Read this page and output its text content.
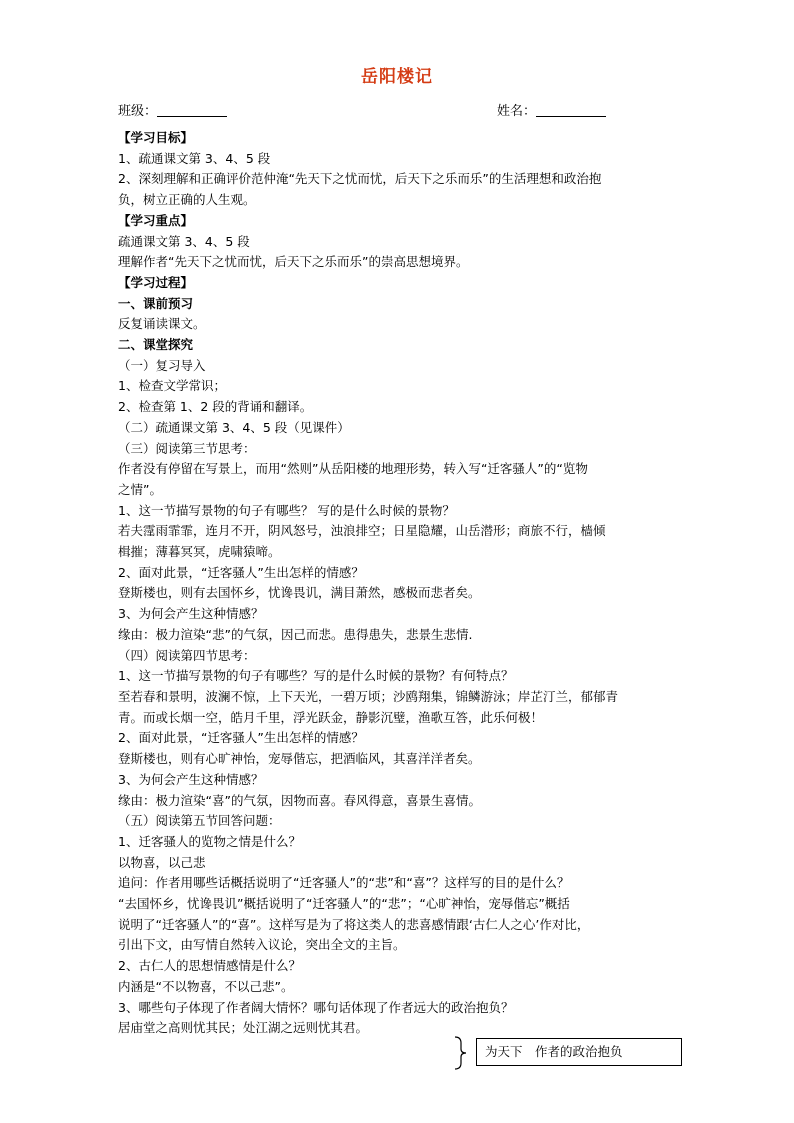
岳阳楼记
班级：	姓名：

【学习目标】

1、疏通课文第 3、4、5 段

2、深刻理解和正确评价范仲淹“先天下之忧而忧，后天下之乐而乐”的生活理想和政治抱

负，树立正确的人生观。

【学习重点】

疏通课文第 3、4、5 段

理解作者“先天下之忧而忧，后天下之乐而乐”的崇高思想境界。

【学习过程】

一、课前预习

反复诵读课文。

二、课堂探究

（一）复习导入

1、检查文学常识；

2、检查第 1、2 段的背诵和翻译。

（二）疏通课文第 3、4、5 段（见课件）

（三）阅读第三节思考：

作者没有停留在写景上，而用“然则”从岳阳楼的地理形势，转入写“迁客骚人”的“览物

之情”。

1、这一节描写景物的句子有哪些？ 写的是什么时候的景物？

若夫霪雨霏霏，连月不开，阴风怒号，浊浪排空；日星隐耀，山岳潜形；商旅不行，樯倾

楫摧；薄暮冥冥，虎啸猿啼。

2、面对此景，“迁客骚人”生出怎样的情感？

登斯楼也，则有去国怀乡，忧谗畏讥，满目萧然，感极而悲者矣。

3、为何会产生这种情感？

缘由：极力渲染“悲”的气氛，因己而悲。患得患失，悲景生悲情.

（四）阅读第四节思考：

1、这一节描写景物的句子有哪些？写的是什么时候的景物？有何特点？

至若春和景明，波澜不惊，上下天光，一碧万顷；沙鸥翔集，锦鳞游泳；岸芷汀兰，郁郁青

青。而或长烟一空，皓月千里，浮光跃金，静影沉璧，渔歌互答，此乐何极！

2、面对此景，“迁客骚人”生出怎样的情感？

登斯楼也，则有心旷神怡，宠辱偕忘，把酒临风，其喜洋洋者矣。

3、为何会产生这种情感？

缘由：极力渲染“喜”的气氛，因物而喜。春风得意，喜景生喜情。

（五）阅读第五节回答问题：

1、迁客骚人的览物之情是什么？

以物喜，以己悲

追问：作者用哪些话概括说明了“迁客骚人”的“悲”和“喜”？这样写的目的是什么？

“去国怀乡，忧谗畏讥”概括说明了“迁客骚人”的“悲”；“心旷神怡，宠辱偕忘”概括

说明了“迁客骚人”的“喜”。这样写是为了将这类人的悲喜感情跟‘古仁人之心’作对比，

引出下文，由写情自然转入议论，突出全文的主旨。

2、古仁人的思想情感情是什么？

内涵是“不以物喜，不以己悲”。

3、哪些句子体现了作者阔大情怀？哪句话体现了作者远大的政治抱负？

居庙堂之高则忧其民；处江湖之远则忧其君。

为天下　作者的政治抱负
